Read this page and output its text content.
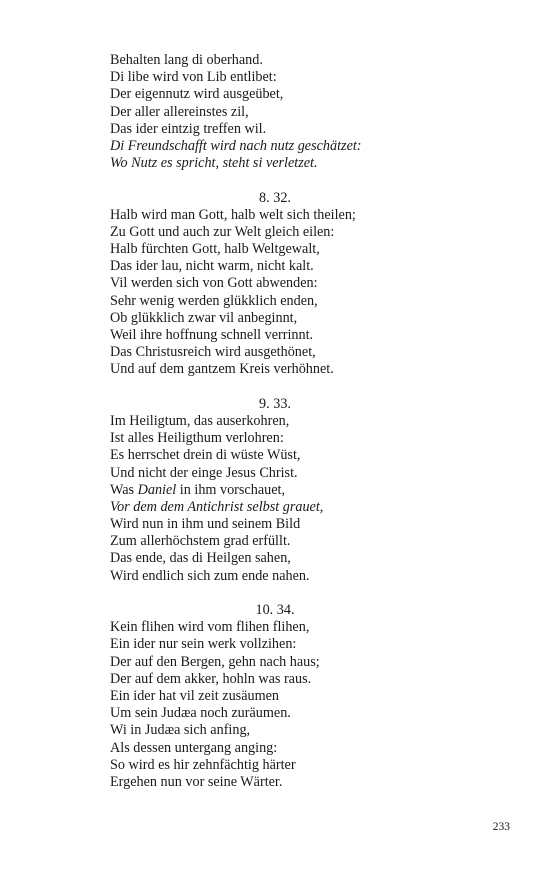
Behalten lang di oberhand.
Di libe wird von Lib entlibet:
Der eigennutz wird ausgeübet,
Der aller allereinstes zil,
Das ider eintzig treffen wil.
Di Freundschafft wird nach nutz geschätzet:
Wo Nutz es spricht, steht si verletzet.
8. 32.
Halb wird man Gott, halb welt sich theilen;
Zu Gott und auch zur Welt gleich eilen:
Halb fürchten Gott, halb Weltgewalt,
Das ider lau, nicht warm, nicht kalt.
Vil werden sich von Gott abwenden:
Sehr wenig werden glükklich enden,
Ob glükklich zwar vil anbeginnt,
Weil ihre hoffnung schnell verrinnt.
Das Christusreich wird ausgethönet,
Und auf dem gantzem Kreis verhöhnet.
9. 33.
Im Heiligtum, das auserkohren,
Ist alles Heiligthum verlohren:
Es herrschet drein di wüste Wüst,
Und nicht der einge Jesus Christ.
Was Daniel in ihm vorschauet,
Vor dem dem Antichrist selbst grauet,
Wird nun in ihm und seinem Bild
Zum allerhöchstem grad erfüllt.
Das ende, das di Heilgen sahen,
Wird endlich sich zum ende nahen.
10. 34.
Kein flihen wird vom flihen flihen,
Ein ider nur sein werk vollzihen:
Der auf den Bergen, gehn nach haus;
Der auf dem akker, hohln was raus.
Ein ider hat vil zeit zusäumen
Um sein Judæa noch zuräumen.
Wi in Judæa sich anfing,
Als dessen untergang anging:
So wird es hir zehnfächtig härter
Ergehen nun vor seine Wärter.
233
